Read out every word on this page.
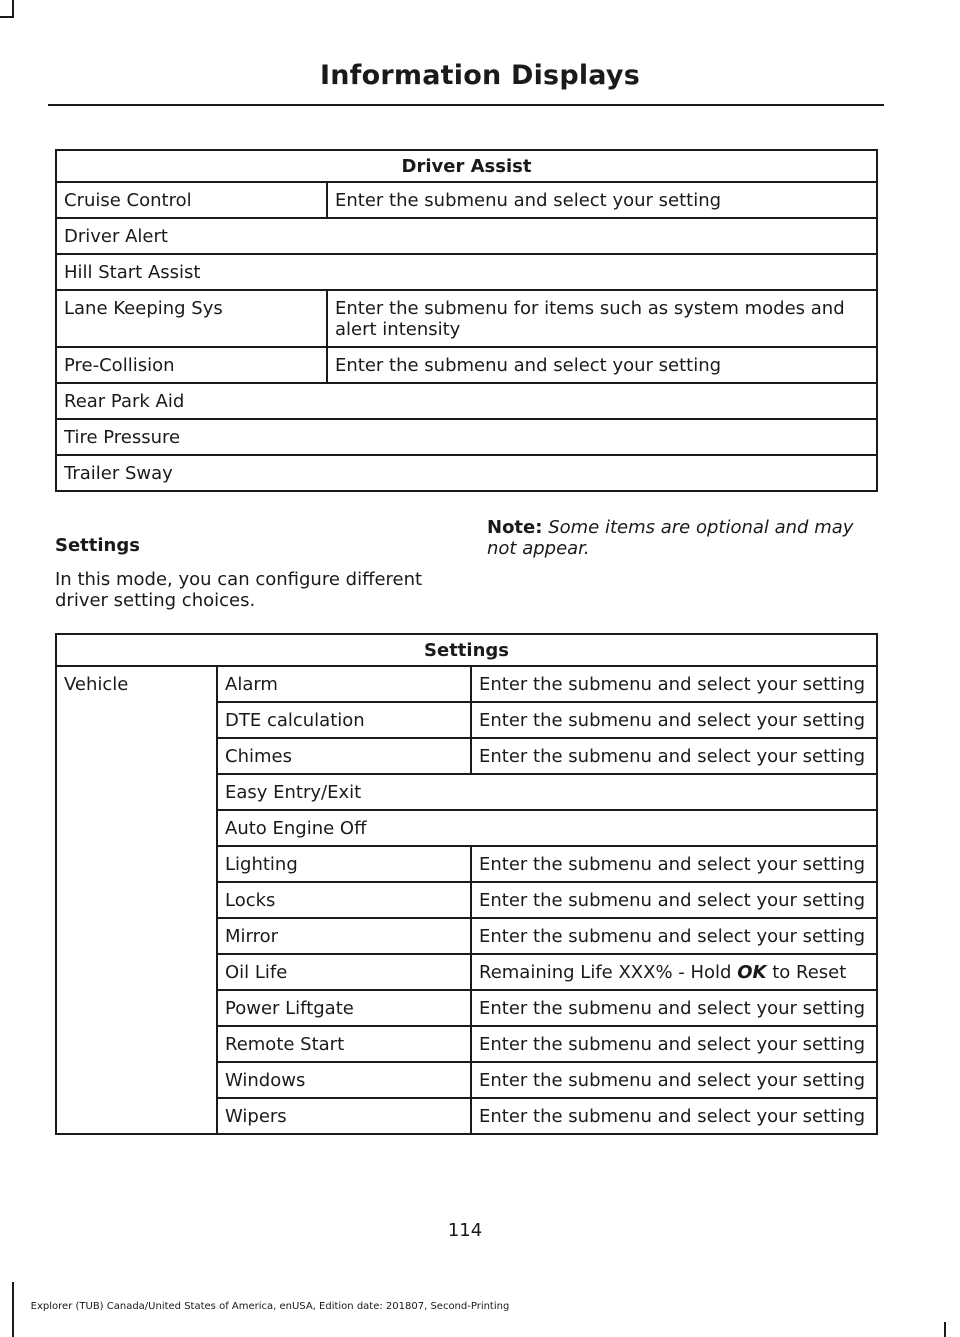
Information Displays
Driver Assist	
Cruise Control	Enter the submenu and select your setting
Driver Alert	
Hill Start Assist	
Lane Keeping Sys	Enter the submenu for items such as system modes and alert intensity
Pre-Collision	Enter the submenu and select your setting
Rear Park Aid	
Tire Pressure	
Trailer Sway	
Settings
In this mode, you can configure different driver setting choices.
Note: Some items are optional and may not appear.
Settings		
Vehicle	Alarm	Enter the submenu and select your setting
	DTE calculation	Enter the submenu and select your setting
	Chimes	Enter the submenu and select your setting
	Easy Entry/Exit	
	Auto Engine Off	
	Lighting	Enter the submenu and select your setting
	Locks	Enter the submenu and select your setting
	Mirror	Enter the submenu and select your setting
	Oil Life	Remaining Life XXX% - Hold OK to Reset
	Power Liftgate	Enter the submenu and select your setting
	Remote Start	Enter the submenu and select your setting
	Windows	Enter the submenu and select your setting
	Wipers	Enter the submenu and select your setting
114
Explorer (TUB) Canada/United States of America, enUSA, Edition date: 201807, Second-Printing
